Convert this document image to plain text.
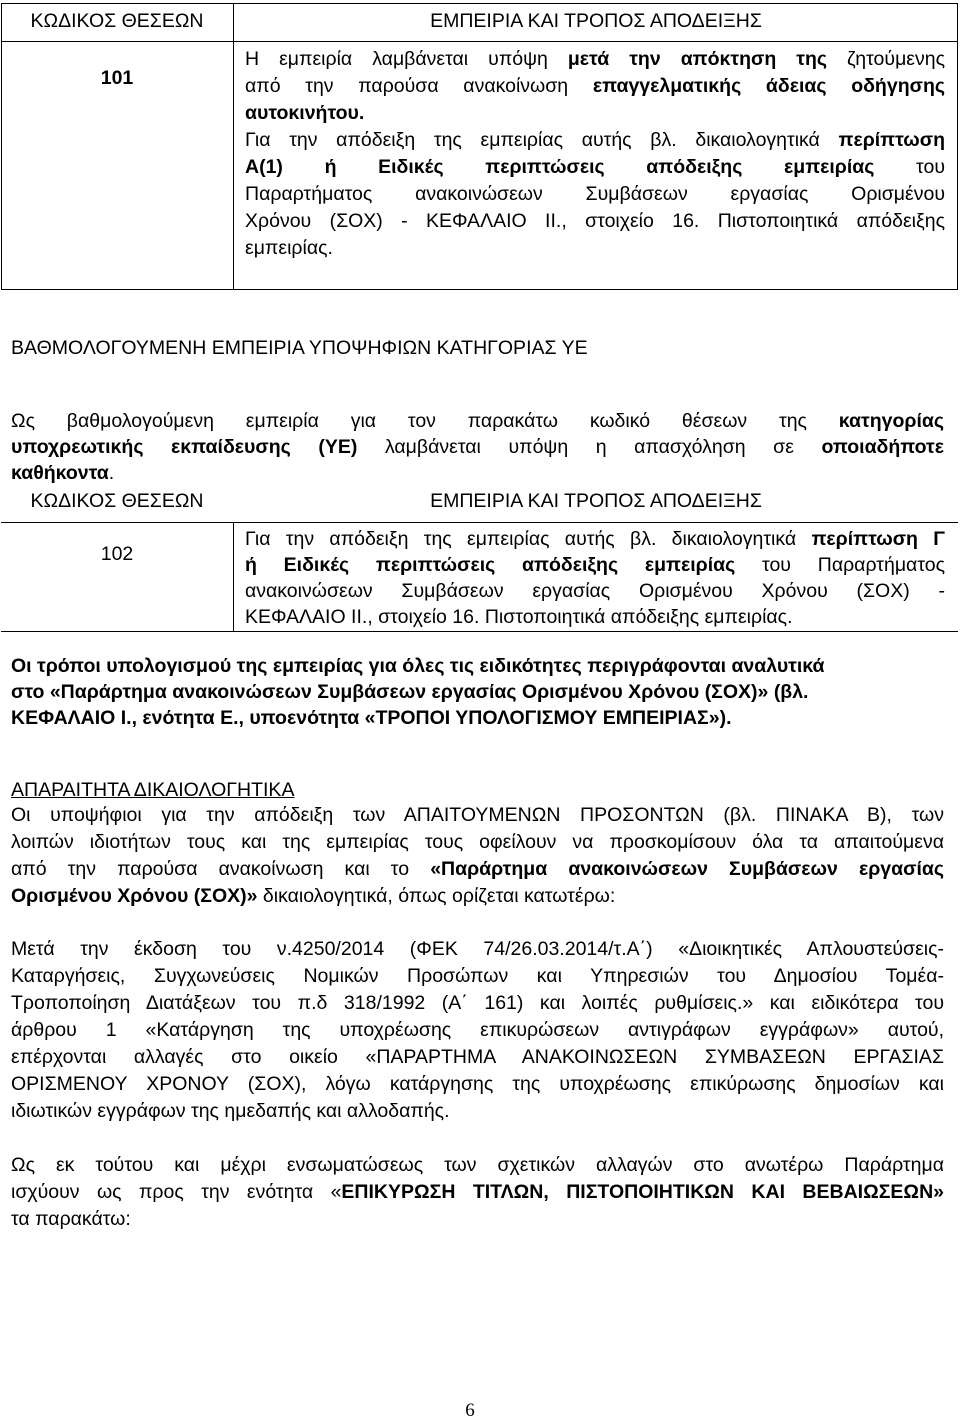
ΚΩΔΙΚΟΣ ΘΕΣΕΩΝ	ΕΜΠΕΙΡΙΑ ΚΑΙ ΤΡΟΠΟΣ ΑΠΟΔΕΙΞΗΣ
101
Η εμπειρία λαμβάνεται υπόψη μετά την απόκτηση της ζητούμενης
από την παρούσα ανακοίνωση επαγγελματικής άδειας οδήγησης
αυτοκινήτου.
Για την απόδειξη της εμπειρίας αυτής βλ. δικαιολογητικά περίπτωση
Α(1) ή Ειδικές περιπτώσεις απόδειξης εμπειρίας του
Παραρτήματος ανακοινώσεων Συμβάσεων εργασίας Ορισμένου
Χρόνου (ΣΟΧ) - ΚΕΦΑΛΑΙΟ ΙΙ., στοιχείο 16. Πιστοποιητικά απόδειξης
εμπειρίας.
ΒΑΘΜΟΛΟΓΟΥΜΕΝΗ ΕΜΠΕΙΡΙΑ ΥΠΟΨΗΦΙΩΝ ΚΑΤΗΓΟΡΙΑΣ ΥΕ
Ως βαθμολογούμενη εμπειρία για τον παρακάτω κωδικό θέσεων της κατηγορίας
υποχρεωτικής εκπαίδευσης (ΥΕ) λαμβάνεται υπόψη η απασχόληση σε οποιαδήποτε
καθήκοντα.
ΚΩΔΙΚΟΣ ΘΕΣΕΩΝ	ΕΜΠΕΙΡΙΑ ΚΑΙ ΤΡΟΠΟΣ ΑΠΟΔΕΙΞΗΣ
102
Για την απόδειξη της εμπειρίας αυτής βλ. δικαιολογητικά περίπτωση Γ
ή Ειδικές περιπτώσεις απόδειξης εμπειρίας του Παραρτήματος
ανακοινώσεων Συμβάσεων εργασίας Ορισμένου Χρόνου (ΣΟΧ) -
ΚΕΦΑΛΑΙΟ ΙΙ., στοιχείο 16. Πιστοποιητικά απόδειξης εμπειρίας.
Οι τρόποι υπολογισμού της εμπειρίας για όλες τις ειδικότητες περιγράφονται αναλυτικά
στο «Παράρτημα ανακοινώσεων Συμβάσεων εργασίας Ορισμένου Χρόνου (ΣΟΧ)» (βλ.
ΚΕΦΑΛΑΙΟ Ι., ενότητα Ε., υποενότητα «ΤΡΟΠΟΙ ΥΠΟΛΟΓΙΣΜΟΥ ΕΜΠΕΙΡΙΑΣ»).
ΑΠΑΡΑΙΤΗΤΑ ΔΙΚΑΙΟΛΟΓΗΤΙΚΑ
Οι υποψήφιοι για την απόδειξη των ΑΠΑΙΤΟΥΜΕΝΩΝ ΠΡΟΣΟΝΤΩΝ (βλ. ΠΙΝΑΚΑ Β), των
λοιπών ιδιοτήτων τους και της εμπειρίας τους οφείλουν να προσκομίσουν όλα τα απαιτούμενα
από την παρούσα ανακοίνωση και το «Παράρτημα ανακοινώσεων Συμβάσεων εργασίας
Ορισμένου Χρόνου (ΣΟΧ)» δικαιολογητικά, όπως ορίζεται κατωτέρω:
Μετά την έκδοση του ν.4250/2014 (ΦΕΚ 74/26.03.2014/τ.Α΄) «Διοικητικές Απλουστεύσεις-
Καταργήσεις, Συγχωνεύσεις Νομικών Προσώπων και Υπηρεσιών του Δημοσίου Τομέα-
Τροποποίηση Διατάξεων του π.δ 318/1992 (Α΄ 161) και λοιπές ρυθμίσεις.» και ειδικότερα του
άρθρου 1 «Κατάργηση της υποχρέωσης επικυρώσεων αντιγράφων εγγράφων» αυτού,
επέρχονται αλλαγές στο οικείο «ΠΑΡΑΡΤΗΜΑ ΑΝΑΚΟΙΝΩΣΕΩΝ ΣΥΜΒΑΣΕΩΝ ΕΡΓΑΣΙΑΣ
ΟΡΙΣΜΕΝΟΥ ΧΡΟΝΟΥ (ΣΟΧ), λόγω κατάργησης της υποχρέωσης επικύρωσης δημοσίων και
ιδιωτικών εγγράφων της ημεδαπής και αλλοδαπής.
Ως εκ τούτου και μέχρι ενσωματώσεως των σχετικών αλλαγών στο ανωτέρω Παράρτημα
ισχύουν ως προς την ενότητα «ΕΠΙΚΥΡΩΣΗ ΤΙΤΛΩΝ, ΠΙΣΤΟΠΟΙΗΤΙΚΩΝ ΚΑΙ ΒΕΒΑΙΩΣΕΩΝ»
τα παρακάτω:
6
